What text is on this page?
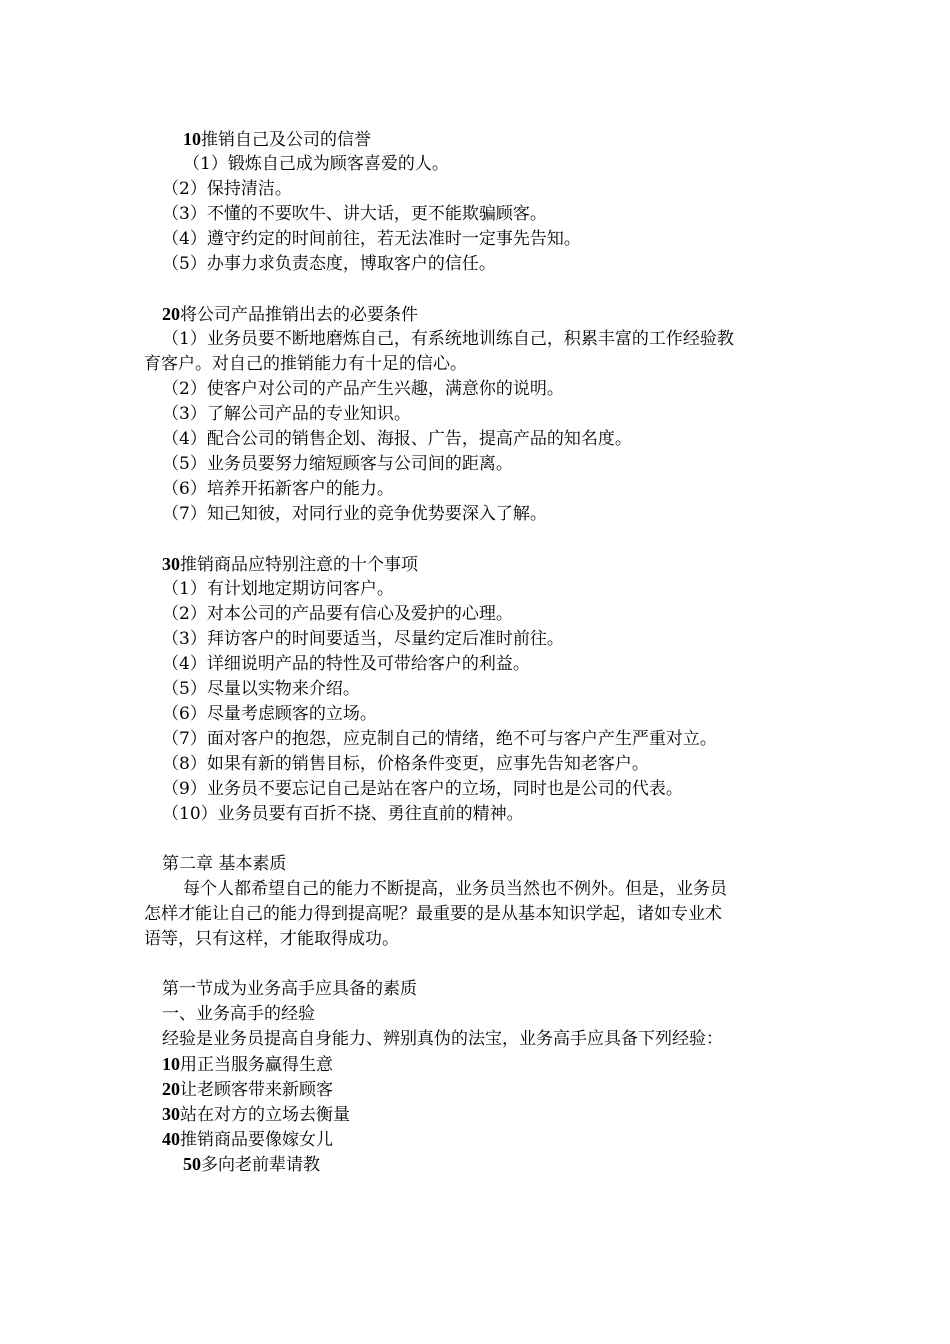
10推销自己及公司的信誉
（1）锻炼自己成为顾客喜爱的人。
（2）保持清洁。
（3）不懂的不要吹牛、讲大话，更不能欺骗顾客。
（4）遵守约定的时间前往，若无法准时一定事先告知。
（5）办事力求负责态度，博取客户的信任。
20将公司产品推销出去的必要条件
（1）业务员要不断地磨炼自己，有系统地训练自己，积累丰富的工作经验教
育客户。对自己的推销能力有十足的信心。
（2）使客户对公司的产品产生兴趣，满意你的说明。
（3）了解公司产品的专业知识。
（4）配合公司的销售企划、海报、广告，提高产品的知名度。
（5）业务员要努力缩短顾客与公司间的距离。
（6）培养开拓新客户的能力。
（7）知己知彼，对同行业的竞争优势要深入了解。
30推销商品应特别注意的十个事项
（1）有计划地定期访问客户。
（2）对本公司的产品要有信心及爱护的心理。
（3）拜访客户的时间要适当，尽量约定后准时前往。
（4）详细说明产品的特性及可带给客户的利益。
（5）尽量以实物来介绍。
（6）尽量考虑顾客的立场。
（7）面对客户的抱怨，应克制自己的情绪，绝不可与客户产生严重对立。
（8）如果有新的销售目标，价格条件变更，应事先告知老客户。
（9）业务员不要忘记自己是站在客户的立场，同时也是公司的代表。
（10）业务员要有百折不挠、勇往直前的精神。
第二章 基本素质
每个人都希望自己的能力不断提高，业务员当然也不例外。但是，业务员
怎样才能让自己的能力得到提高呢？最重要的是从基本知识学起，诸如专业术
语等，只有这样，才能取得成功。
第一节成为业务高手应具备的素质
一、业务高手的经验
经验是业务员提高自身能力、辨别真伪的法宝，业务高手应具备下列经验：
10用正当服务赢得生意
20让老顾客带来新顾客
30站在对方的立场去衡量
40推销商品要像嫁女儿
50多向老前辈请教
